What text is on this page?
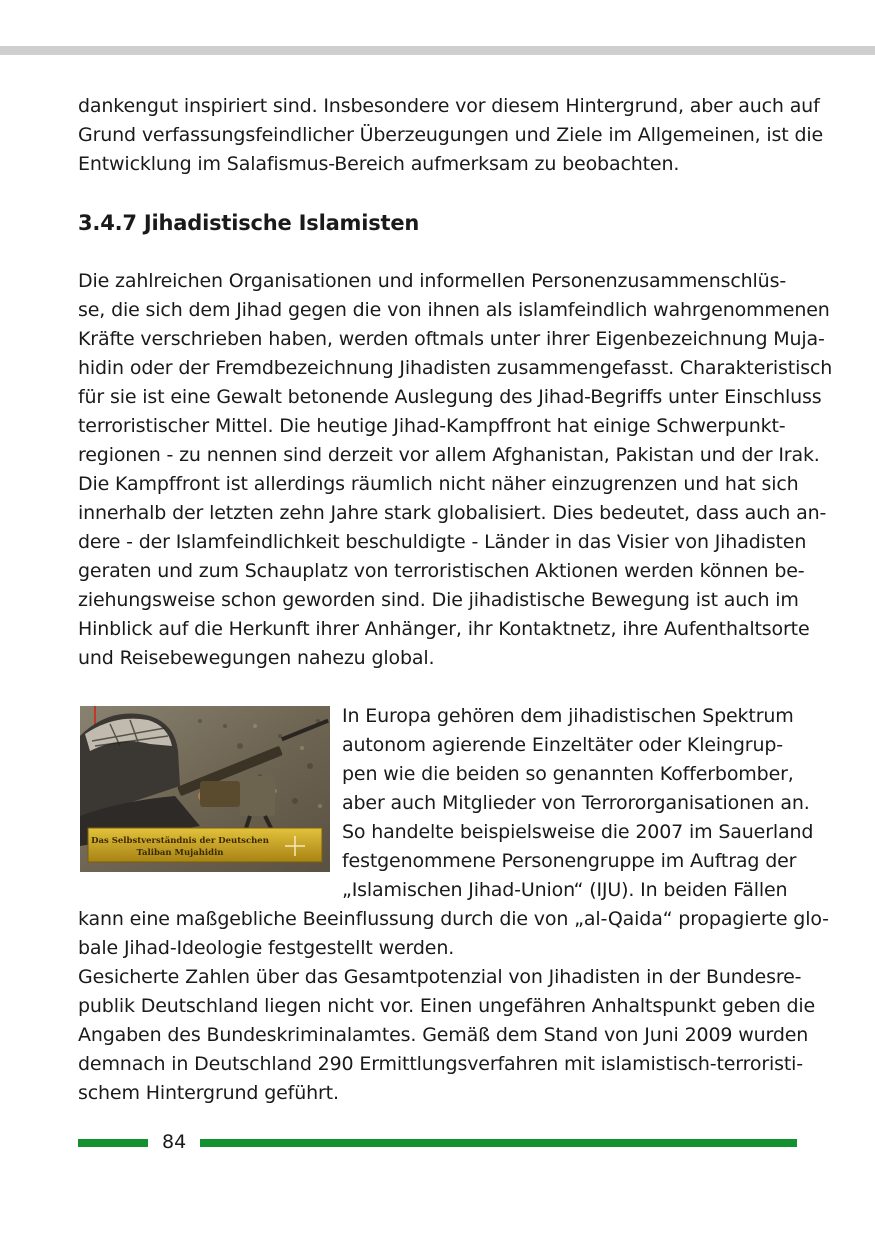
dankengut inspiriert sind. Insbesondere vor diesem Hintergrund, aber auch auf
Grund verfassungsfeindlicher Überzeugungen und Ziele im Allgemeinen, ist die
Entwicklung im Salafismus-Bereich aufmerksam zu beobachten.
3.4.7 Jihadistische Islamisten
Die zahlreichen Organisationen und informellen Personenzusammenschlüs-
se, die sich dem Jihad gegen die von ihnen als islamfeindlich wahrgenommenen
Kräfte verschrieben haben, werden oftmals unter ihrer Eigenbezeichnung Muja-
hidin oder der Fremdbezeichnung Jihadisten zusammengefasst. Charakteristisch
für sie ist eine Gewalt betonende Auslegung des Jihad-Begriffs unter Einschluss
terroristischer Mittel. Die heutige Jihad-Kampffront hat einige Schwerpunkt-
regionen - zu nennen sind derzeit vor allem Afghanistan, Pakistan und der Irak.
Die Kampffront ist allerdings räumlich nicht näher einzugrenzen und hat sich
innerhalb der letzten zehn Jahre stark globalisiert. Dies bedeutet, dass auch an-
dere - der Islamfeindlichkeit beschuldigte - Länder in das Visier von Jihadisten
geraten und zum Schauplatz von terroristischen Aktionen werden können be-
ziehungsweise schon geworden sind. Die jihadistische Bewegung ist auch im
Hinblick auf die Herkunft ihrer Anhänger, ihr Kontaktnetz, ihre Aufenthaltsorte
und Reisebewegungen nahezu global.
Das Selbstverständnis der Deutschen
Taliban Mujahidin
In Europa gehören dem jihadistischen Spektrum
autonom agierende Einzeltäter oder Kleingrup-
pen wie die beiden so genannten Kofferbomber,
aber auch Mitglieder von Terrororganisationen an.
So handelte beispielsweise die 2007 im Sauerland
festgenommene Personengruppe im Auftrag der
„Islamischen Jihad-Union“ (IJU). In beiden Fällen
kann eine maßgebliche Beeinflussung durch die von „al-Qaida“ propagierte glo-
bale Jihad-Ideologie festgestellt werden.
Gesicherte Zahlen über das Gesamtpotenzial von Jihadisten in der Bundesre-
publik Deutschland liegen nicht vor. Einen ungefähren Anhaltspunkt geben die
Angaben des Bundeskriminalamtes. Gemäß dem Stand von Juni 2009 wurden
demnach in Deutschland 290 Ermittlungsverfahren mit islamistisch-terroristi-
schem Hintergrund geführt.
84
